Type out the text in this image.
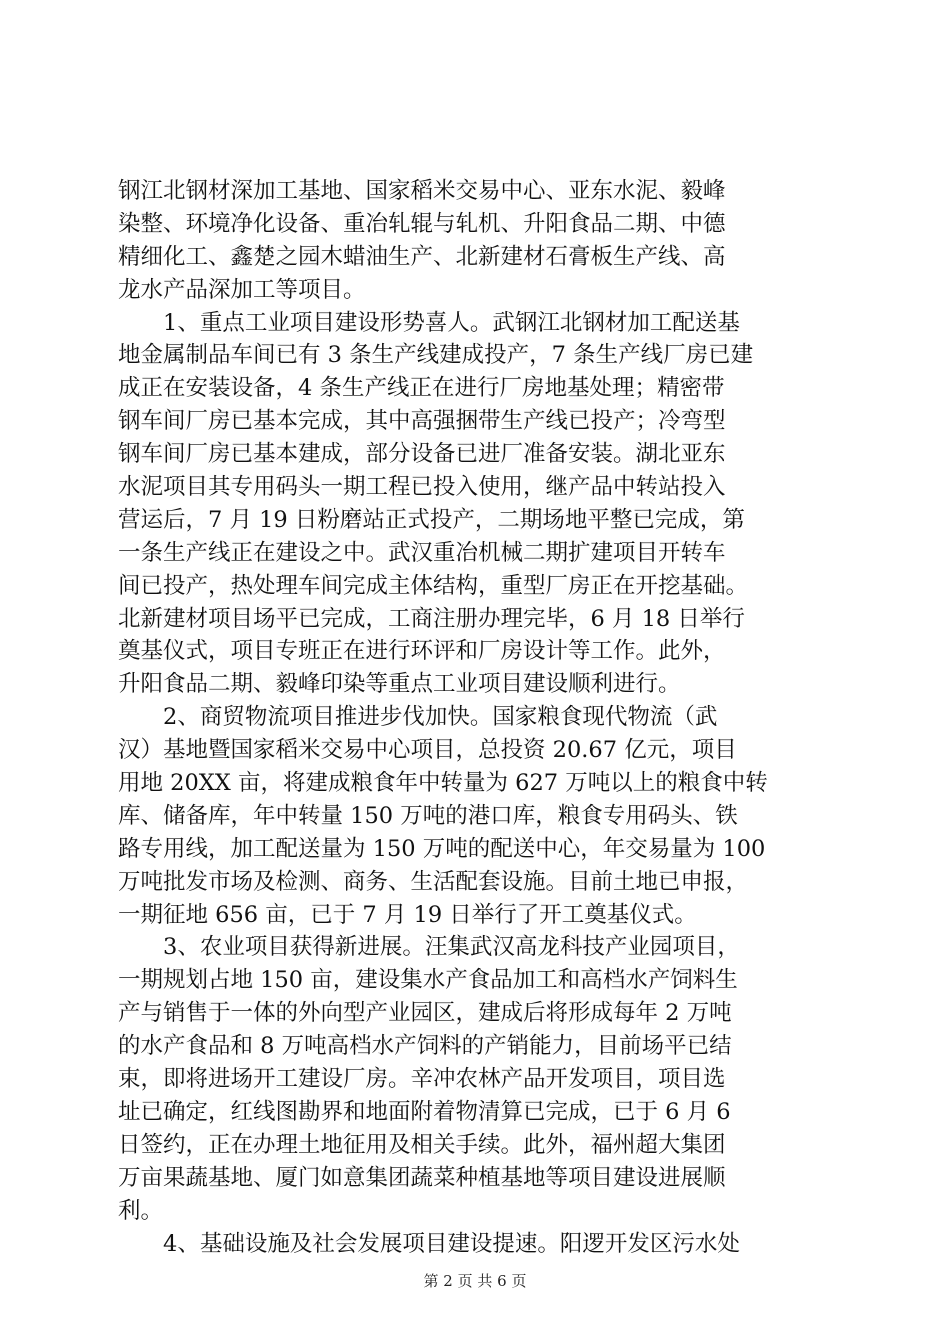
钢江北钢材深加工基地、国家稻米交易中心、亚东水泥、毅峰
染整、环境净化设备、重冶轧辊与轧机、升阳食品二期、中德
精细化工、鑫楚之园木蜡油生产、北新建材石膏板生产线、高
龙水产品深加工等项目。
1、重点工业项目建设形势喜人。武钢江北钢材加工配送基
地金属制品车间已有 3 条生产线建成投产，7 条生产线厂房已建
成正在安装设备，4 条生产线正在进行厂房地基处理；精密带
钢车间厂房已基本完成，其中高强捆带生产线已投产；冷弯型
钢车间厂房已基本建成，部分设备已进厂准备安装。湖北亚东
水泥项目其专用码头一期工程已投入使用，继产品中转站投入
营运后，7 月 19 日粉磨站正式投产，二期场地平整已完成，第
一条生产线正在建设之中。武汉重冶机械二期扩建项目开转车
间已投产，热处理车间完成主体结构，重型厂房正在开挖基础。
北新建材项目场平已完成，工商注册办理完毕，6 月 18 日举行
奠基仪式，项目专班正在进行环评和厂房设计等工作。此外，
升阳食品二期、毅峰印染等重点工业项目建设顺利进行。
2、商贸物流项目推进步伐加快。国家粮食现代物流（武
汉）基地暨国家稻米交易中心项目，总投资 20.67 亿元，项目
用地 20XX 亩，将建成粮食年中转量为 627 万吨以上的粮食中转
库、储备库，年中转量 150 万吨的港口库，粮食专用码头、铁
路专用线，加工配送量为 150 万吨的配送中心，年交易量为 100
万吨批发市场及检测、商务、生活配套设施。目前土地已申报，
一期征地 656 亩，已于 7 月 19 日举行了开工奠基仪式。
3、农业项目获得新进展。汪集武汉高龙科技产业园项目，
一期规划占地 150 亩，建设集水产食品加工和高档水产饲料生
产与销售于一体的外向型产业园区，建成后将形成每年 2 万吨
的水产食品和 8 万吨高档水产饲料的产销能力，目前场平已结
束，即将进场开工建设厂房。辛冲农林产品开发项目，项目选
址已确定，红线图勘界和地面附着物清算已完成，已于 6 月 6
日签约，正在办理土地征用及相关手续。此外，福州超大集团
万亩果蔬基地、厦门如意集团蔬菜种植基地等项目建设进展顺
利。
4、基础设施及社会发展项目建设提速。阳逻开发区污水处
第 2 页 共 6 页
